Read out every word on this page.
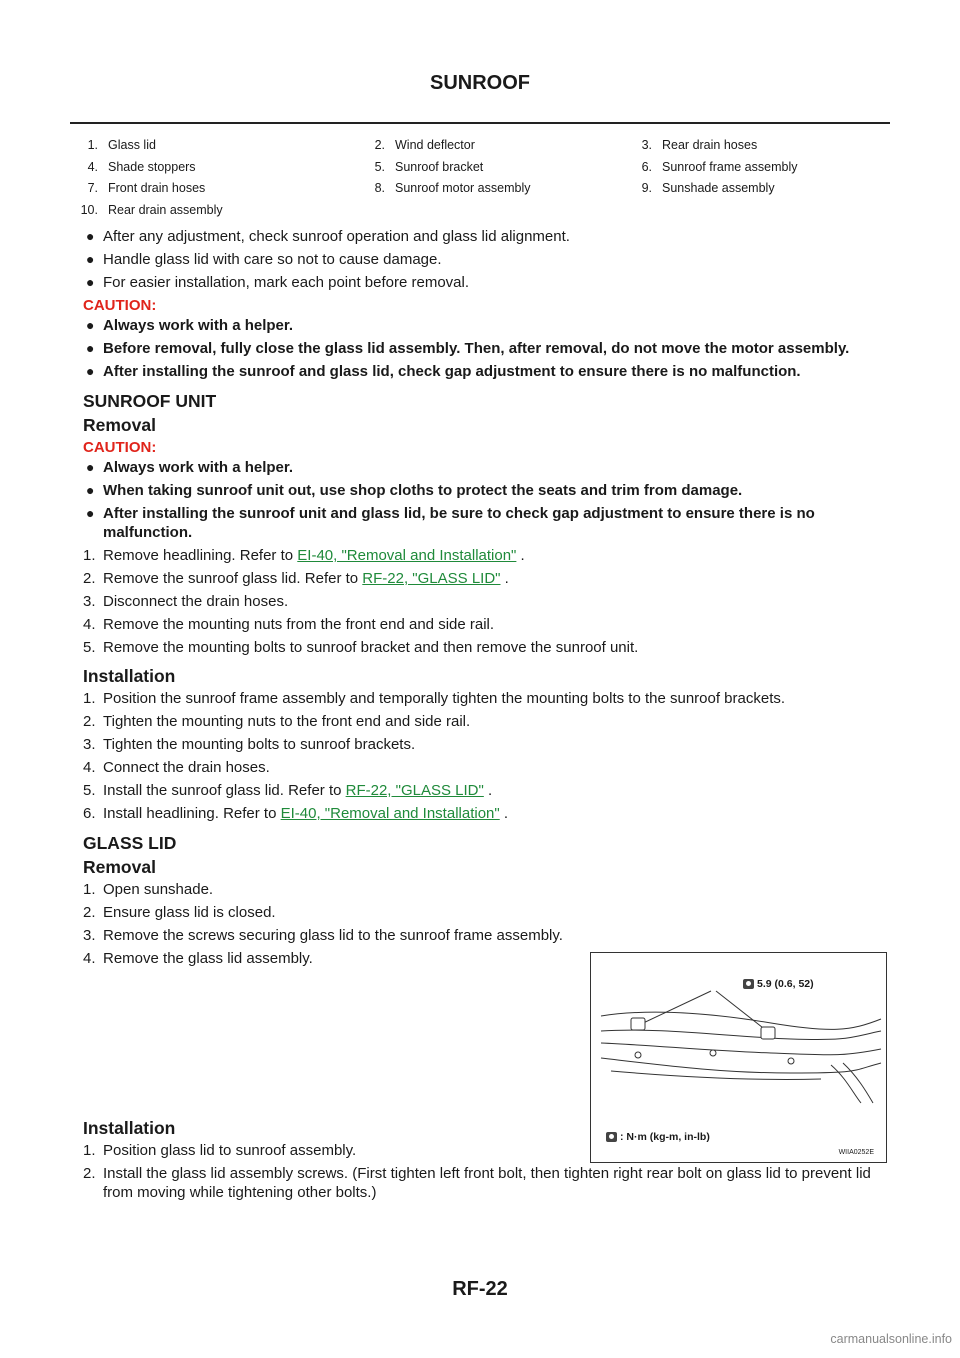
SUNROOF
1. Glass lid	2. Wind deflector	3. Rear drain hoses
4. Shade stoppers	5. Sunroof bracket	6. Sunroof frame assembly
7. Front drain hoses	8. Sunroof motor assembly	9. Sunshade assembly
10. Rear drain assembly
● After any adjustment, check sunroof operation and glass lid alignment.
● Handle glass lid with care so not to cause damage.
● For easier installation, mark each point before removal.
CAUTION:
● Always work with a helper.
● Before removal, fully close the glass lid assembly. Then, after removal, do not move the motor assembly.
● After installing the sunroof and glass lid, check gap adjustment to ensure there is no malfunction.
SUNROOF UNIT
Removal
CAUTION:
● Always work with a helper.
● When taking sunroof unit out, use shop cloths to protect the seats and trim from damage.
● After installing the sunroof unit and glass lid, be sure to check gap adjustment to ensure there is no malfunction.
1. Remove headlining. Refer to EI-40, "Removal and Installation" .
2. Remove the sunroof glass lid. Refer to RF-22, "GLASS LID" .
3. Disconnect the drain hoses.
4. Remove the mounting nuts from the front end and side rail.
5. Remove the mounting bolts to sunroof bracket and then remove the sunroof unit.
Installation
1. Position the sunroof frame assembly and temporally tighten the mounting bolts to the sunroof brackets.
2. Tighten the mounting nuts to the front end and side rail.
3. Tighten the mounting bolts to sunroof brackets.
4. Connect the drain hoses.
5. Install the sunroof glass lid. Refer to RF-22, "GLASS LID" .
6. Install headlining. Refer to EI-40, "Removal and Installation" .
GLASS LID
Removal
1. Open sunshade.
2. Ensure glass lid is closed.
3. Remove the screws securing glass lid to the sunroof frame assembly.
4. Remove the glass lid assembly.
Installation
1. Position glass lid to sunroof assembly.
2. Install the glass lid assembly screws. (First tighten left front bolt, then tighten right rear bolt on glass lid to prevent lid from moving while tightening other bolts.)
5.9 (0.6, 52)
: N·m (kg-m, in-lb)
WIIA0252E
RF-22
carmanualsonline.info
